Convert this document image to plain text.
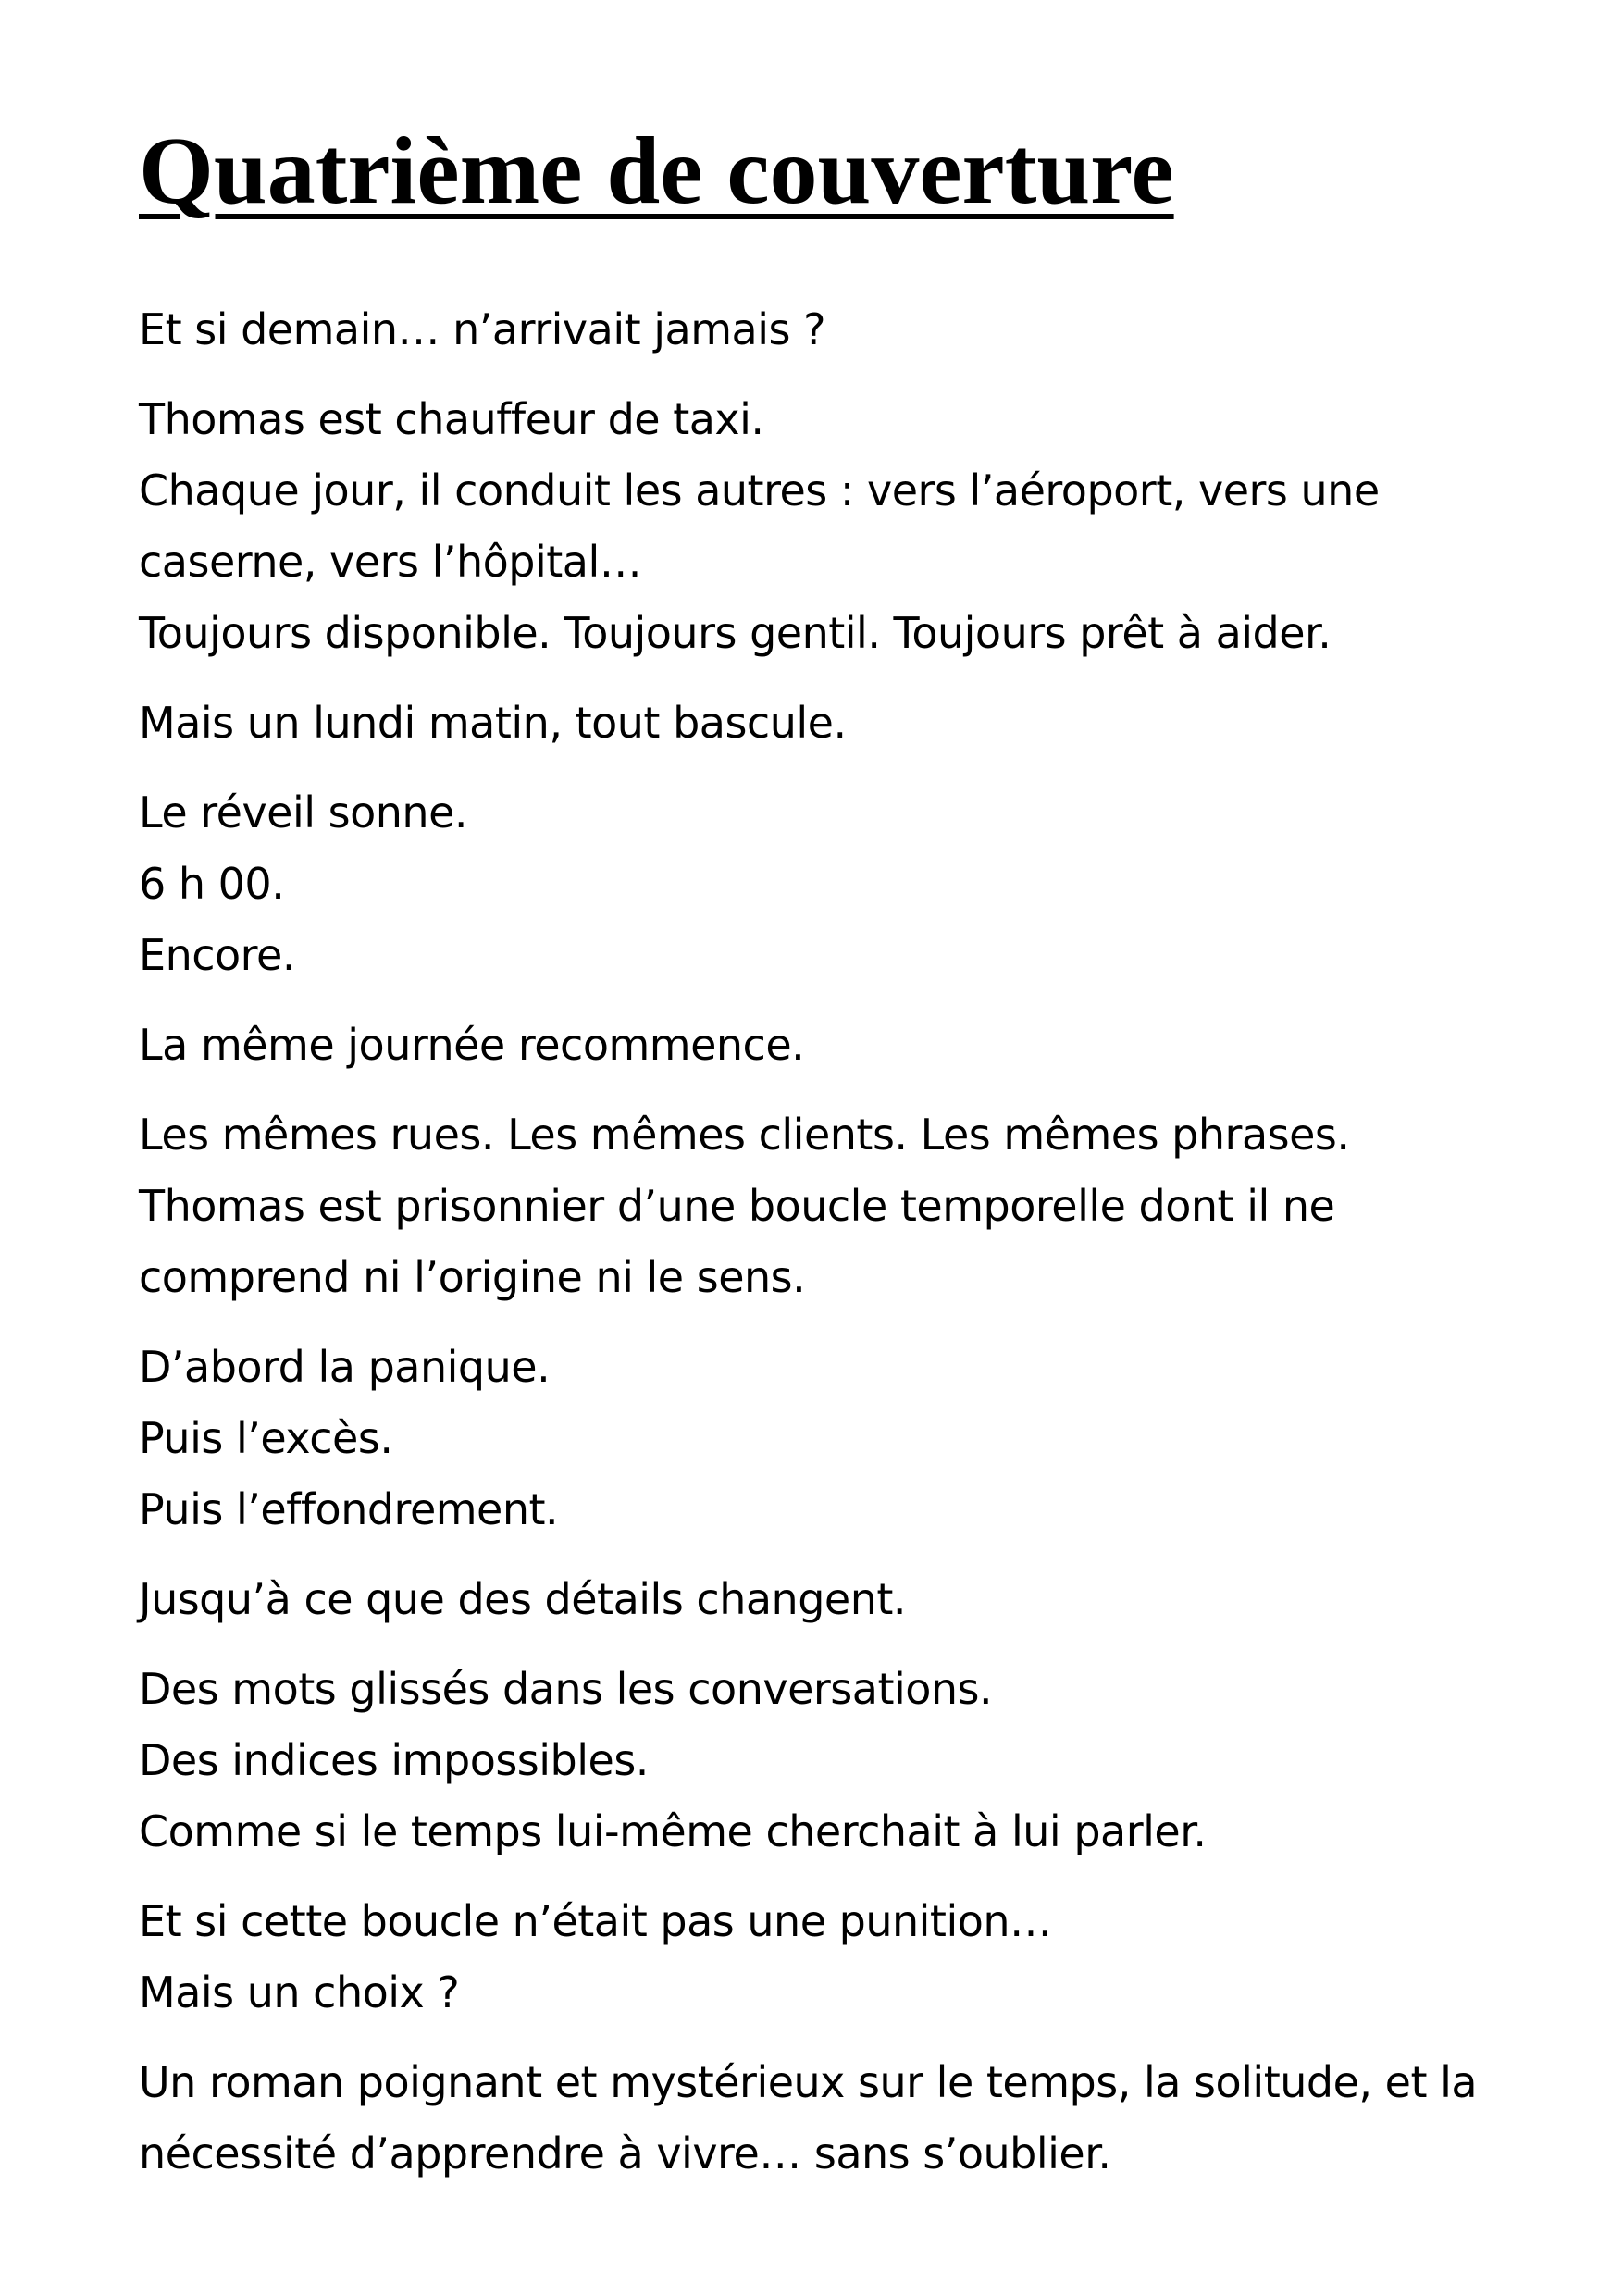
Quatrième de couverture

Et si demain… n’arrivait jamais ?

Thomas est chauffeur de taxi.
Chaque jour, il conduit les autres : vers l’aéroport, vers une
caserne, vers l’hôpital…
Toujours disponible. Toujours gentil. Toujours prêt à aider.

Mais un lundi matin, tout bascule.

Le réveil sonne.
6 h 00.
Encore.

La même journée recommence.

Les mêmes rues. Les mêmes clients. Les mêmes phrases.
Thomas est prisonnier d’une boucle temporelle dont il ne
comprend ni l’origine ni le sens.

D’abord la panique.
Puis l’excès.
Puis l’effondrement.

Jusqu’à ce que des détails changent.

Des mots glissés dans les conversations.
Des indices impossibles.
Comme si le temps lui-même cherchait à lui parler.

Et si cette boucle n’était pas une punition…
Mais un choix ?

Un roman poignant et mystérieux sur le temps, la solitude, et la
nécessité d’apprendre à vivre… sans s’oublier.
